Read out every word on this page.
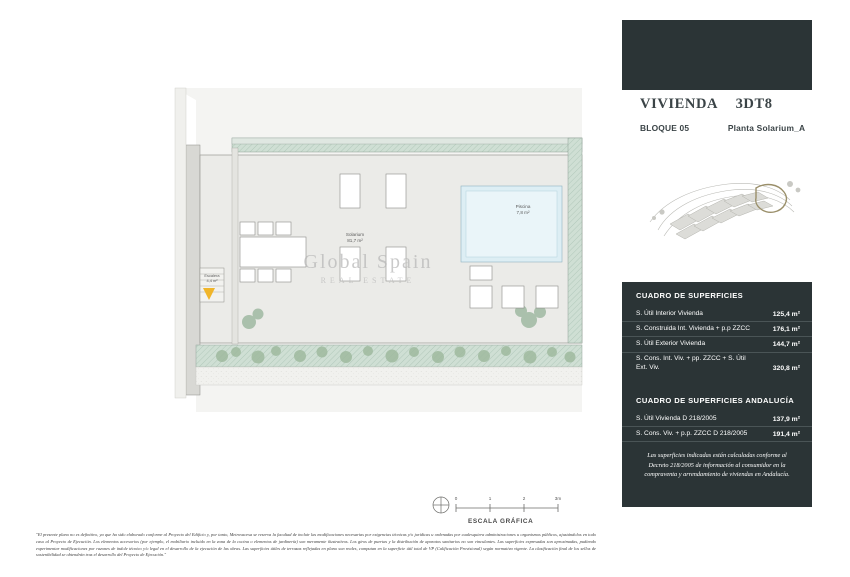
0	1	2	3m
Piscina
7,8 m²
Solarium
81,7 m²
Escalera
4,4 m²
Global Spain
REAL ESTATE
ESCALA GRÁFICA
"El presente plano no es definitivo, ya que ha sido elaborado conforme al Proyecto del Edificio y, por tanto, Metrovacesa se reserva la facultad de incluir las modificaciones necesarias por exigencias técnicas y/o jurídicas u ordenadas por cualesquiera administraciones u organismos públicos, ajustándolos en todo caso al Proyecto de Ejecución. Los elementos accesorios (por ejemplo, el mobiliario incluido en la zona de la cocina o elementos de jardinería) son meramente ilustrativos. Los giros de puertas y la distribución de aparatos sanitarios no son vinculantes. Las superficies expresadas son aproximadas, pudiendo experimentar modificaciones por razones de índole técnico y/o legal en el desarrollo de la ejecución de las obras. Las superficies útiles de terrazas reflejadas en plano son reales, computan en la superficie útil total de VP (Calificación Provisional) según normativa vigente. La clasificación final de los sellos de sostenibilidad se obtendrán tras el desarrollo del Proyecto de Ejecución."
VIVIENDA 3DT8
BLOQUE 05	Planta Solarium_A
CUADRO DE SUPERFICIES
S. Útil Interior Vivienda	125,4 m²
S. Construida Int. Vivienda + p.p ZZCC	176,1 m²
S. Útil Exterior Vivienda	144,7 m²
S. Cons. Int. Viv. + pp. ZZCC + S. Útil Ext. Viv.	320,8 m²
CUADRO DE SUPERFICIES ANDALUCÍA
S. Útil Vivienda D 218/2005	137,9 m²
S. Cons. Viv. + p.p. ZZCC D 218/2005	191,4 m²
Las superficies indicadas están calculadas conforme al Decreto 218/2005 de información al consumidor en la compraventa y arrendamiento de viviendas en Andalucía.
